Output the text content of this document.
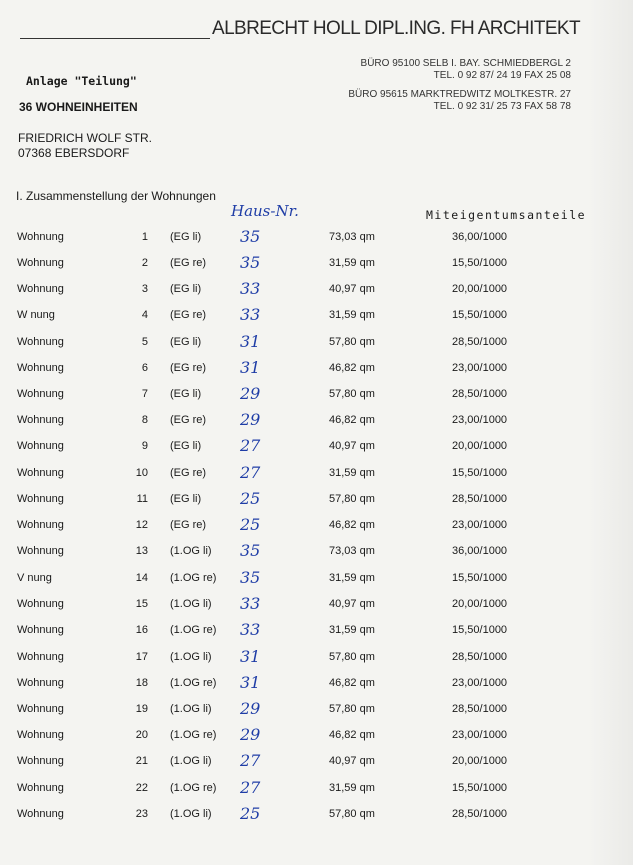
ALBRECHT HOLL DIPL.ING. FH ARCHITEKT
BÜRO 95100 SELB I. BAY. SCHMIEDBERGL 2
TEL. 0 92 87/ 24 19 FAX 25 08
BÜRO 95615 MARKTREDWITZ MOLTKESTR. 27
TEL. 0 92 31/ 25 73 FAX 58 78
Anlage "Teilung"
36 WOHNEINHEITEN
FRIEDRICH WOLF STR.
07368 EBERSDORF
I. Zusammenstellung der Wohnungen
Haus-Nr.	Miteigentumsanteile
Wohnung	1 (EG li) 35	73,03 qm	36,00/1000
Wohnung	2 (EG re) 35	31,59 qm	15,50/1000
Wohnung	3 (EG li) 33	40,97 qm	20,00/1000
W nung	4 (EG re) 33	31,59 qm	15,50/1000
Wohnung	5 (EG li) 31	57,80 qm	28,50/1000
Wohnung	6 (EG re) 31	46,82 qm	23,00/1000
Wohnung	7 (EG li) 29	57,80 qm	28,50/1000
Wohnung	8 (EG re) 29	46,82 qm	23,00/1000
Wohnung	9 (EG li) 27	40,97 qm	20,00/1000
Wohnung	10 (EG re) 27	31,59 qm	15,50/1000
Wohnung	11 (EG li) 25	57,80 qm	28,50/1000
Wohnung	12 (EG re) 25	46,82 qm	23,00/1000
Wohnung	13 (1.OG li) 35	73,03 qm	36,00/1000
V nung	14 (1.OG re) 35	31,59 qm	15,50/1000
Wohnung	15 (1.OG li) 33	40,97 qm	20,00/1000
Wohnung	16 (1.OG re) 33	31,59 qm	15,50/1000
Wohnung	17 (1.OG li) 31	57,80 qm	28,50/1000
Wohnung	18 (1.OG re) 31	46,82 qm	23,00/1000
Wohnung	19 (1.OG li) 29	57,80 qm	28,50/1000
Wohnung	20 (1.OG re) 29	46,82 qm	23,00/1000
Wohnung	21 (1.OG li) 27	40,97 qm	20,00/1000
Wohnung	22 (1.OG re) 27	31,59 qm	15,50/1000
Wohnung	23 (1.OG li) 25	57,80 qm	28,50/1000
